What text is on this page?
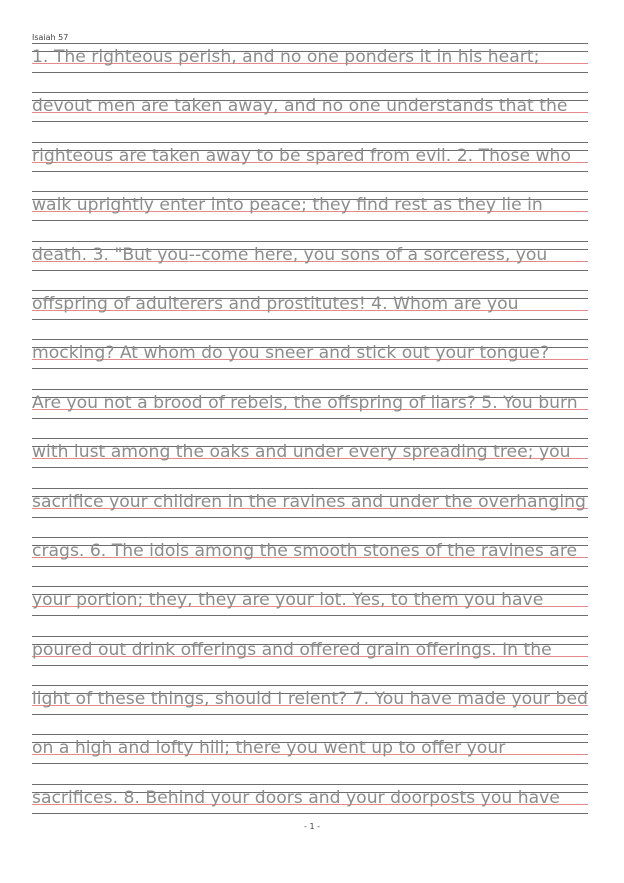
Isaiah 57
1. The righteous perish, and no one ponders it in his heart;
devout men are taken away, and no one understands that the
righteous are taken away to be spared from evil. 2. Those who
walk uprightly enter into peace; they find rest as they lie in
death. 3. "But you--come here, you sons of a sorceress, you
offspring of adulterers and prostitutes! 4. Whom are you
mocking? At whom do you sneer and stick out your tongue?
Are you not a brood of rebels, the offspring of liars? 5. You burn
with lust among the oaks and under every spreading tree; you
sacrifice your children in the ravines and under the overhanging
crags. 6. The idols among the smooth stones of the ravines are
your portion; they, they are your lot. Yes, to them you have
poured out drink offerings and offered grain offerings. In the
light of these things, should I relent? 7. You have made your bed
on a high and lofty hill; there you went up to offer your
sacrifices. 8. Behind your doors and your doorposts you have
- 1 -
